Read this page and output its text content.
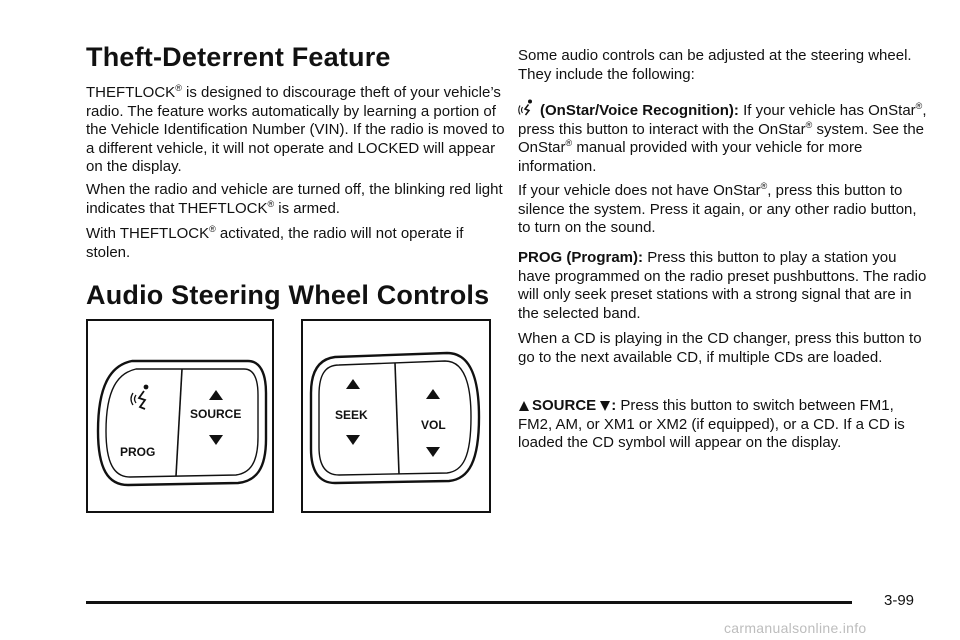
Theft-Deterrent Feature

THEFTLOCK® is designed to discourage theft of your vehicle’s radio. The feature works automatically by learning a portion of the Vehicle Identification Number (VIN). If the radio is moved to a different vehicle, it will not operate and LOCKED will appear on the display.

When the radio and vehicle are turned off, the blinking red light indicates that THEFTLOCK® is armed.

With THEFTLOCK® activated, the radio will not operate if stolen.

Audio Steering Wheel Controls
SOURCE
PROG
SEEK
VOL

Some audio controls can be adjusted at the steering wheel. They include the following:

(OnStar/Voice Recognition): If your vehicle has OnStar®, press this button to interact with the OnStar® system. See the OnStar® manual provided with your vehicle for more information.

If your vehicle does not have OnStar®, press this button to silence the system. Press it again, or any other radio button, to turn on the sound.

PROG (Program): Press this button to play a station you have programmed on the radio preset pushbuttons. The radio will only seek preset stations with a strong signal that are in the selected band.

When a CD is playing in the CD changer, press this button to go to the next available CD, if multiple CDs are loaded.

SOURCE : Press this button to switch between FM1, FM2, AM, or XM1 or XM2 (if equipped), or a CD. If a CD is loaded the CD symbol will appear on the display.

3-99
carmanualsonline.info
